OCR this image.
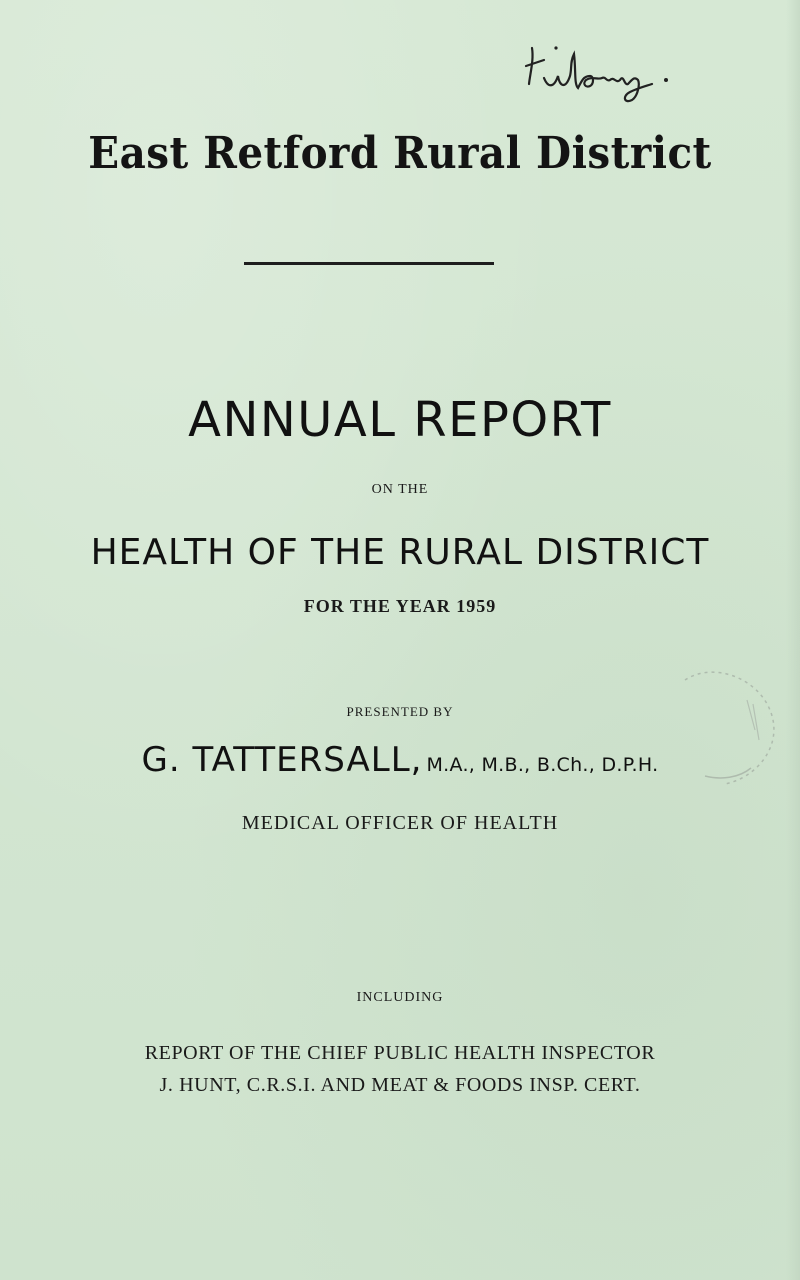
East Retford Rural District
ANNUAL REPORT
ON THE
HEALTH OF THE RURAL DISTRICT
FOR THE YEAR 1959
PRESENTED BY
G. TATTERSALL, M.A., M.B., B.Ch., D.P.H.
MEDICAL OFFICER OF HEALTH
INCLUDING
REPORT OF THE CHIEF PUBLIC HEALTH INSPECTOR
J. HUNT, C.R.S.I. AND MEAT & FOODS INSP. CERT.
